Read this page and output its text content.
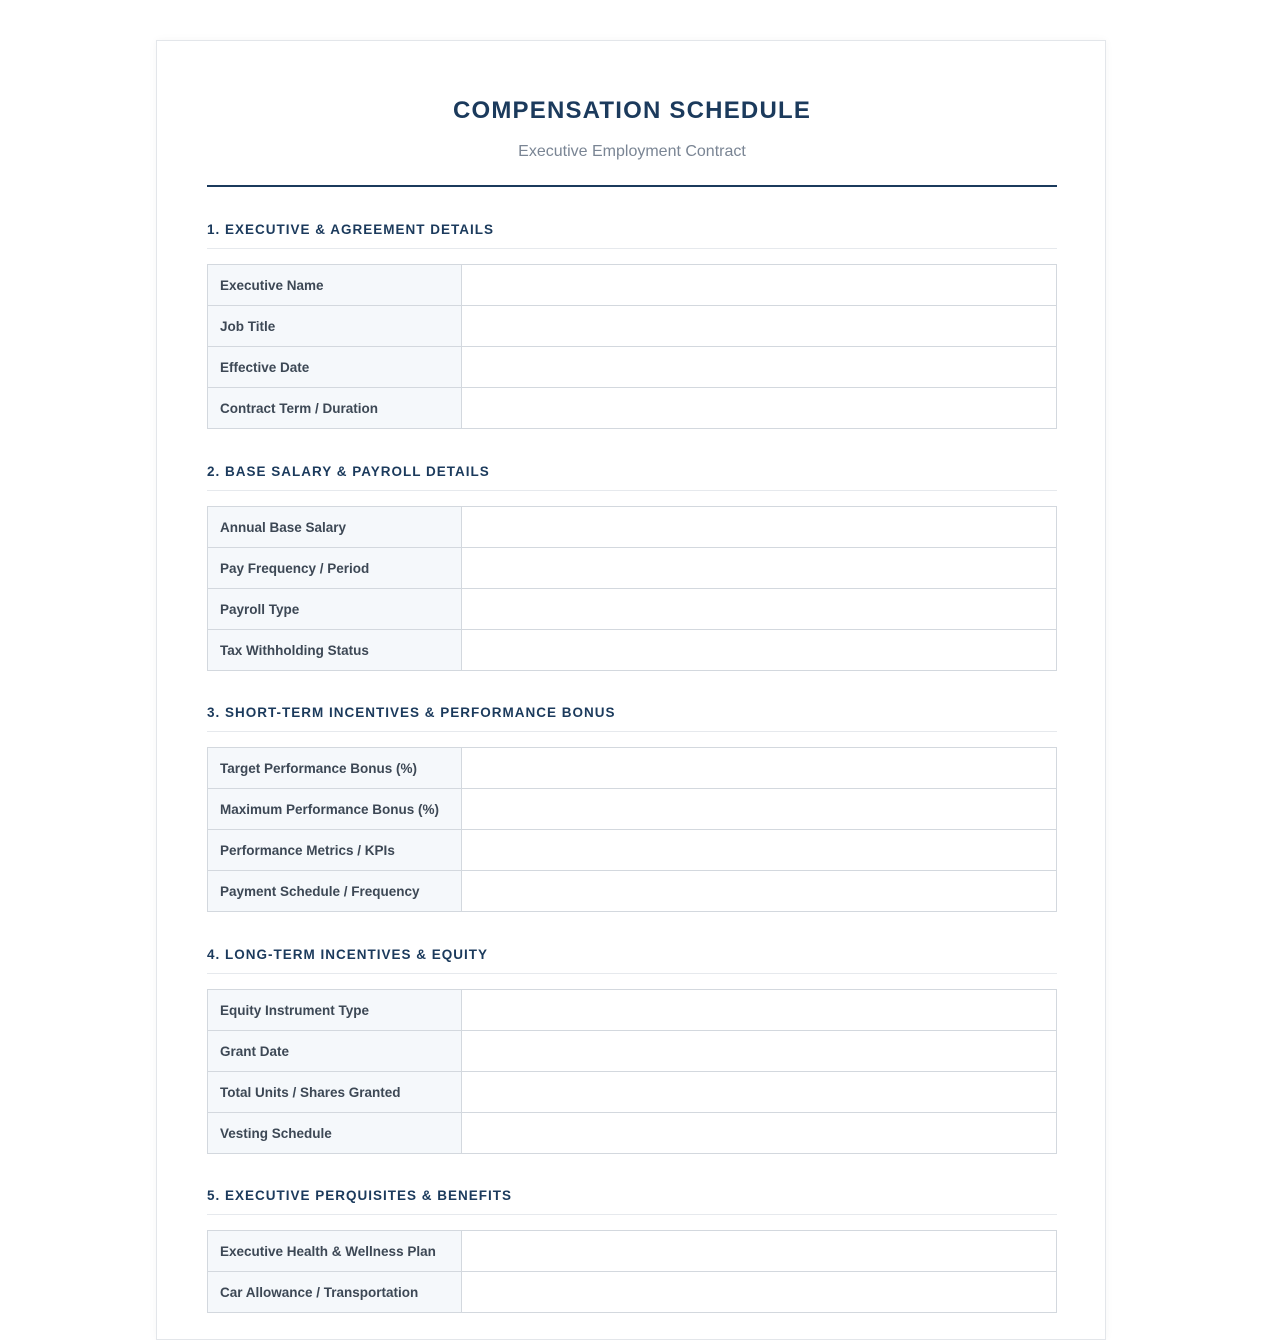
COMPENSATION SCHEDULE
Executive Employment Contract
1. EXECUTIVE & AGREEMENT DETAILS
Executive Name	
Job Title	
Effective Date	
Contract Term / Duration	
2. BASE SALARY & PAYROLL DETAILS
Annual Base Salary	
Pay Frequency / Period	
Payroll Type	
Tax Withholding Status	
3. SHORT-TERM INCENTIVES & PERFORMANCE BONUS
Target Performance Bonus (%)	
Maximum Performance Bonus (%)	
Performance Metrics / KPIs	
Payment Schedule / Frequency	
4. LONG-TERM INCENTIVES & EQUITY
Equity Instrument Type	
Grant Date	
Total Units / Shares Granted	
Vesting Schedule	
5. EXECUTIVE PERQUISITES & BENEFITS
Executive Health & Wellness Plan	
Car Allowance / Transportation	
